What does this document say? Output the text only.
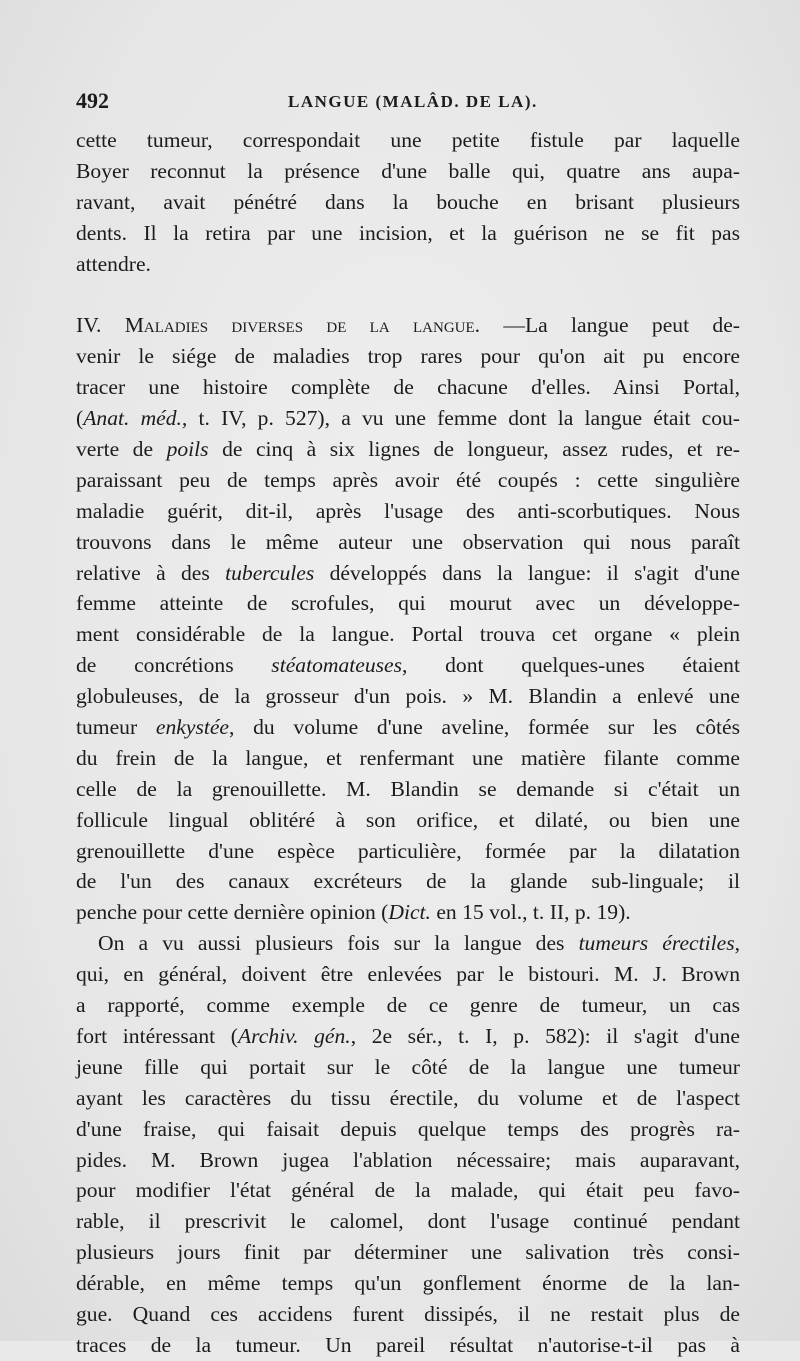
492	LANGUE (MALÂD. DE LA).
cette tumeur, correspondait une petite fistule par laquelle
Boyer reconnut la présence d'une balle qui, quatre ans aupa-
ravant, avait pénétré dans la bouche en brisant plusieurs
dents. Il la retira par une incision, et la guérison ne se fit pas
attendre.
IV. Maladies diverses de la langue. —La langue peut de-
venir le siége de maladies trop rares pour qu'on ait pu encore
tracer une histoire complète de chacune d'elles. Ainsi Portal,
(Anat. méd., t. IV, p. 527), a vu une femme dont la langue était cou-
verte de poils de cinq à six lignes de longueur, assez rudes, et re-
paraissant peu de temps après avoir été coupés : cette singulière
maladie guérit, dit-il, après l'usage des anti-scorbutiques. Nous
trouvons dans le même auteur une observation qui nous paraît
relative à des tubercules développés dans la langue: il s'agit d'une
femme atteinte de scrofules, qui mourut avec un développe-
ment considérable de la langue. Portal trouva cet organe « plein
de concrétions stéatomateuses, dont quelques-unes étaient
globuleuses, de la grosseur d'un pois. » M. Blandin a enlevé une
tumeur enkystée, du volume d'une aveline, formée sur les côtés
du frein de la langue, et renfermant une matière filante comme
celle de la grenouillette. M. Blandin se demande si c'était un
follicule lingual oblitéré à son orifice, et dilaté, ou bien une
grenouillette d'une espèce particulière, formée par la dilatation
de l'un des canaux excréteurs de la glande sub-linguale; il
penche pour cette dernière opinion (Dict. en 15 vol., t. II, p. 19).
On a vu aussi plusieurs fois sur la langue des tumeurs érectiles,
qui, en général, doivent être enlevées par le bistouri. M. J. Brown
a rapporté, comme exemple de ce genre de tumeur, un cas
fort intéressant (Archiv. gén., 2e sér., t. I, p. 582): il s'agit d'une
jeune fille qui portait sur le côté de la langue une tumeur
ayant les caractères du tissu érectile, du volume et de l'aspect
d'une fraise, qui faisait depuis quelque temps des progrès ra-
pides. M. Brown jugea l'ablation nécessaire; mais auparavant,
pour modifier l'état général de la malade, qui était peu favo-
rable, il prescrivit le calomel, dont l'usage continué pendant
plusieurs jours finit par déterminer une salivation très consi-
dérable, en même temps qu'un gonflement énorme de la lan-
gue. Quand ces accidens furent dissipés, il ne restait plus de
traces de la tumeur. Un pareil résultat n'autorise-t-il pas à
